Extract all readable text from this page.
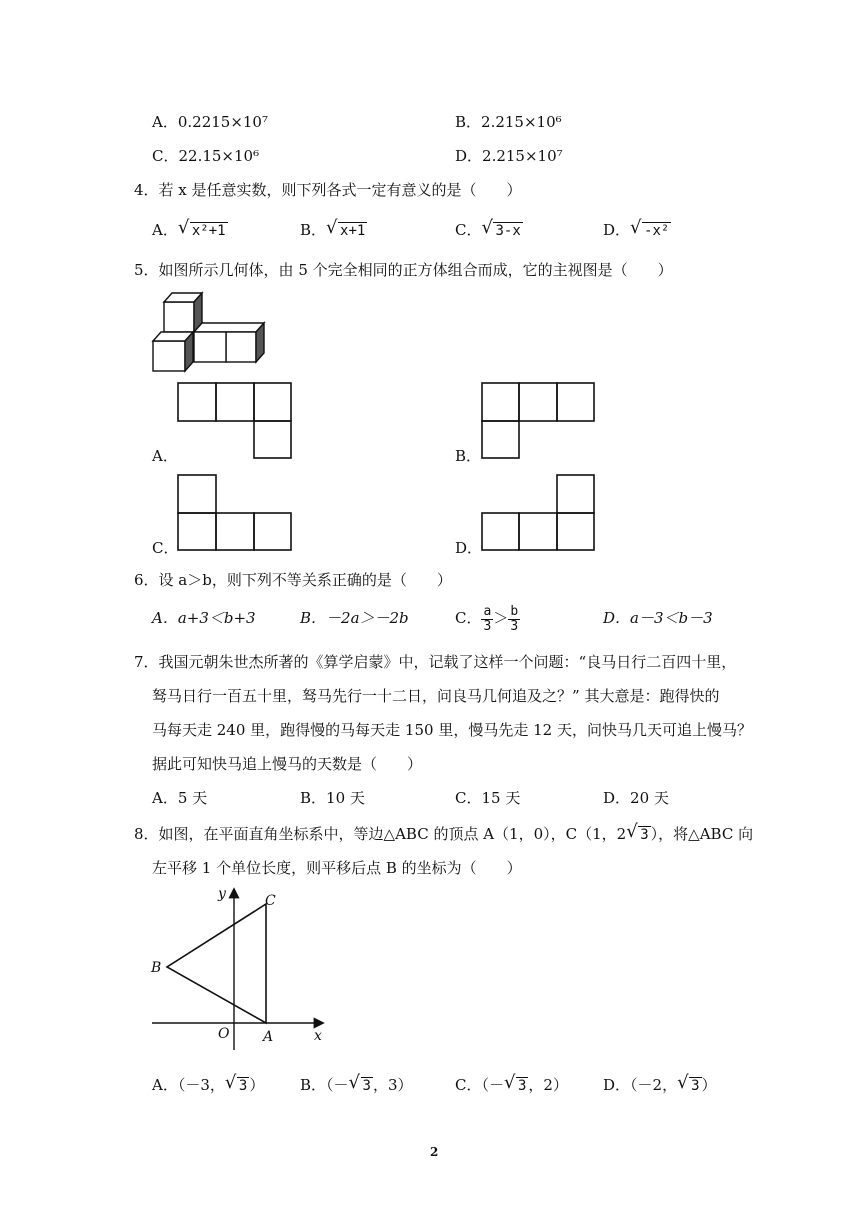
A．0.2215×10⁷	B．2.215×10⁶
C．22.15×10⁶	D．2.215×10⁷
4．若 x 是任意实数，则下列各式一定有意义的是（　　）
A． √ x²+1	B． √ x+1	C． √ 3-x	D． √ -x²
5．如图所示几何体，由 5 个完全相同的正方体组合而成，它的主视图是（　　）
A．	B．
C．	D．
6．设 a＞b，则下列不等关系正确的是（　　）
A．a+3＜b+3	B．－2a＞－2b	C． $\frac{a}{3} > \frac{b}{3}$	D．a－3＜b－3
7．我国元朝朱世杰所著的《算学启蒙》中，记载了这样一个问题：“良马日行二百四十里，
驽马日行一百五十里，驽马先行一十二日，问良马几何追及之？” 其大意是：跑得快的
马每天走 240 里，跑得慢的马每天走 150 里，慢马先走 12 天，问快马几天可追上慢马？
据此可知快马追上慢马的天数是（　　）
A．5 天	B．10 天	C．15 天	D．20 天
8．如图，在平面直角坐标系中，等边△ABC 的顶点 A（1，0），C（1，2 √ 3 ），将△ABC 向
左平移 1 个单位长度，则平移后点 B 的坐标为（　　）
y
x
O A
B
C
A．（－3， √ 3 ） B．（－ √ 3 ，3）	C．（－ √ 3 ，2） D．（－2， √ 3 ）
2
